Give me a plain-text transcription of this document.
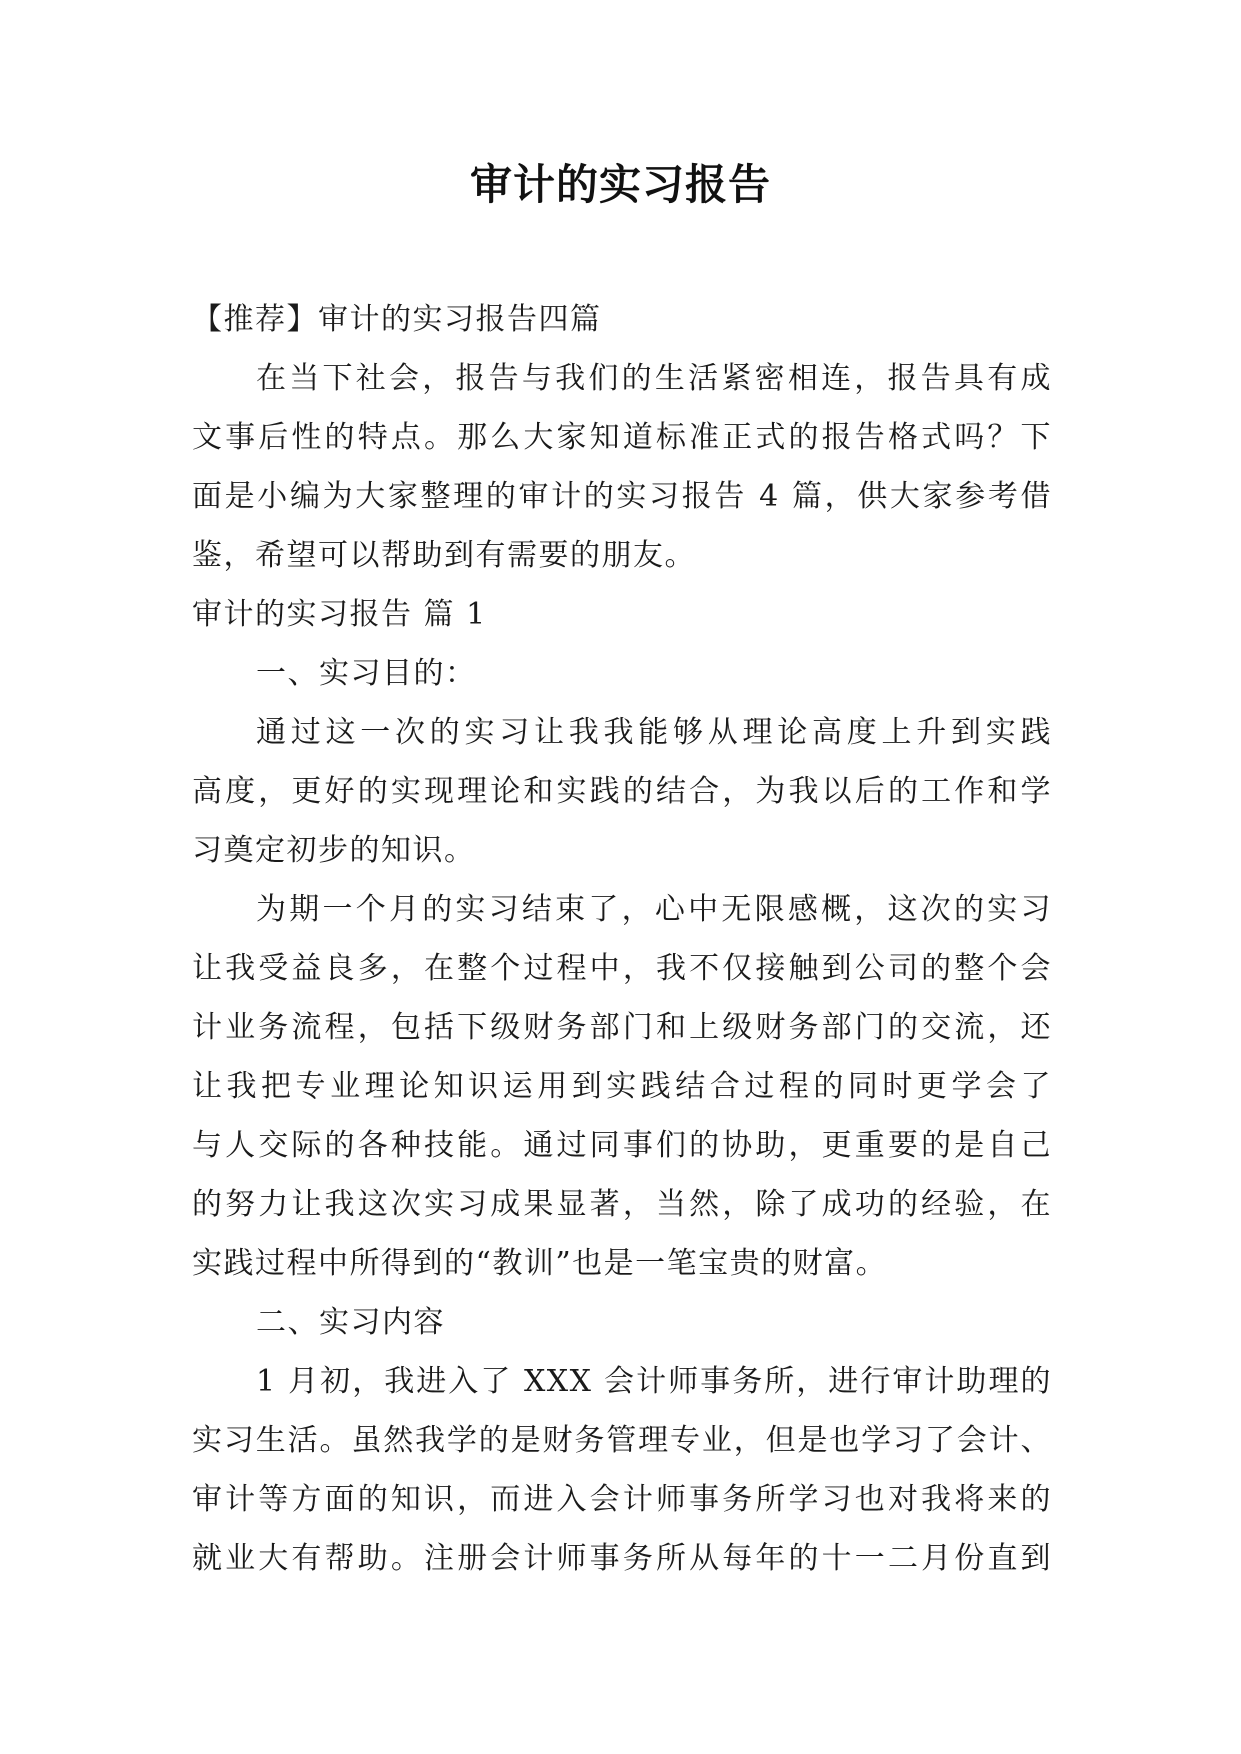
审计的实习报告
【推荐】审计的实习报告四篇
在当下社会，报告与我们的生活紧密相连，报告具有成
文事后性的特点。那么大家知道标准正式的报告格式吗？下
面是小编为大家整理的审计的实习报告 4 篇，供大家参考借
鉴，希望可以帮助到有需要的朋友。
审计的实习报告 篇 1
一、实习目的：
通过这一次的实习让我我能够从理论高度上升到实践
高度，更好的实现理论和实践的结合，为我以后的工作和学
习奠定初步的知识。
为期一个月的实习结束了，心中无限感概，这次的实习
让我受益良多，在整个过程中，我不仅接触到公司的整个会
计业务流程，包括下级财务部门和上级财务部门的交流，还
让我把专业理论知识运用到实践结合过程的同时更学会了
与人交际的各种技能。通过同事们的协助，更重要的是自己
的努力让我这次实习成果显著，当然，除了成功的经验，在
实践过程中所得到的“教训”也是一笔宝贵的财富。
二、实习内容
1 月初，我进入了 XXX 会计师事务所，进行审计助理的
实习生活。虽然我学的是财务管理专业，但是也学习了会计、
审计等方面的知识，而进入会计师事务所学习也对我将来的
就业大有帮助。注册会计师事务所从每年的十一二月份直到
